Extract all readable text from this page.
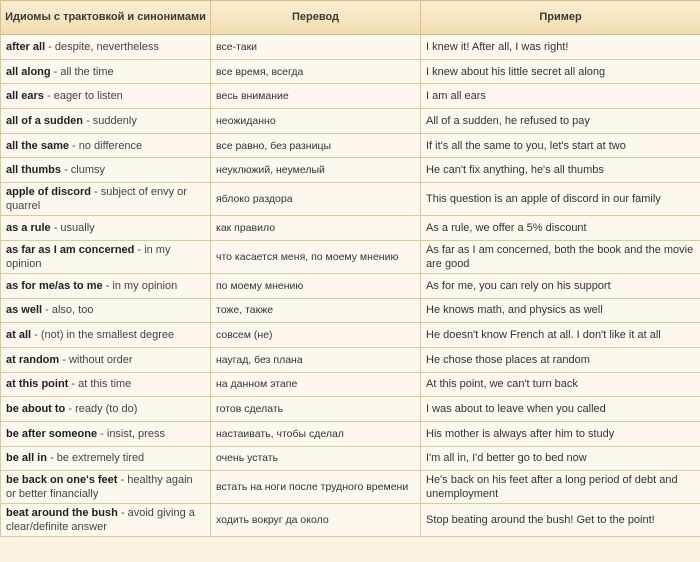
Идиомы с трактовкой и синонимами	Перевод	Пример
after all - despite, nevertheless	все-таки	I knew it! After all, I was right!
all along - all the time	все время, всегда	I knew about his little secret all along
all ears - eager to listen	весь внимание	I am all ears
all of a sudden - suddenly	неожиданно	All of a sudden, he refused to pay
all the same - no difference	все равно, без разницы	If it's all the same to you, let's start at two
all thumbs - clumsy	неуклюжий, неумелый	He can't fix anything, he's all thumbs
apple of discord - subject of envy or quarrel	яблоко раздора	This question is an apple of discord in our family
as a rule - usually	как правило	As a rule, we offer a 5% discount
as far as I am concerned - in my opinion	что касается меня, по моему мнению	As far as I am concerned, both the book and the movie are good
as for me/as to me - in my opinion	по моему мнению	As for me, you can rely on his support
as well - also, too	тоже, также	He knows math, and physics as well
at all - (not) in the smallest degree	совсем (не)	He doesn't know French at all. I don't like it at all
at random - without order	наугад, без плана	He chose those places at random
at this point - at this time	на данном этапе	At this point, we can't turn back
be about to - ready (to do)	готов сделать	I was about to leave when you called
be after someone - insist, press	настаивать, чтобы сделал	His mother is always after him to study
be all in - be extremely tired	очень устать	I'm all in, I'd better go to bed now
be back on one's feet - healthy again or better financially	встать на ноги после трудного времени	He's back on his feet after a long period of debt and unemployment
beat around the bush - avoid giving a clear/definite answer	ходить вокруг да около	Stop beating around the bush! Get to the point!
